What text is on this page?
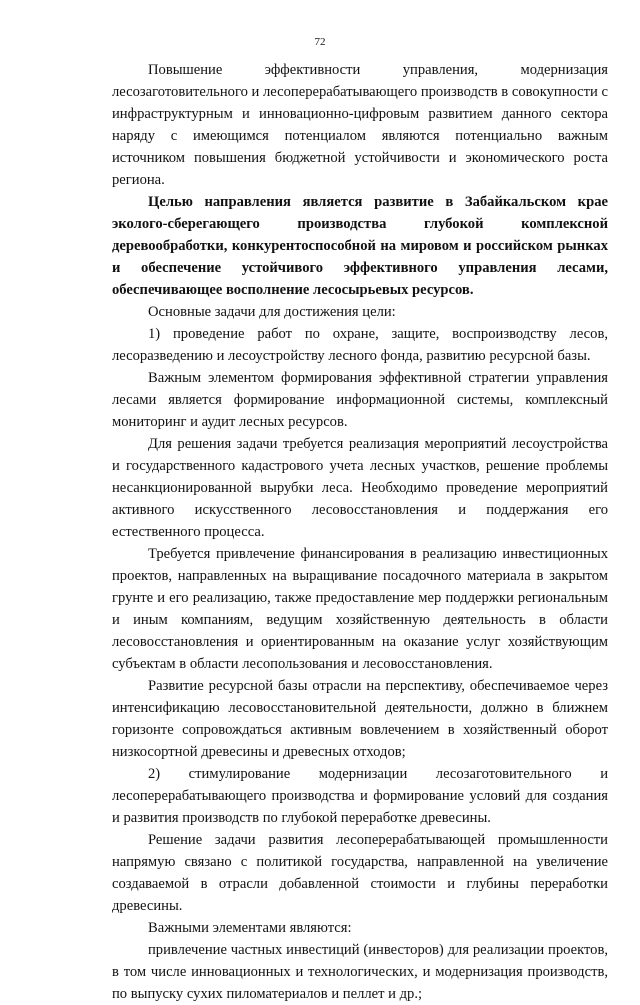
72

Повышение эффективности управления, модернизация лесозаготовительного и лесоперерабатывающего производств в совокупности с инфраструктурным и инновационно-цифровым развитием данного сектора наряду с имеющимся потенциалом являются потенциально важным источником повышения бюджетной устойчивости и экономического роста региона.

Целью направления является развитие в Забайкальском крае эколого-сберегающего производства глубокой комплексной деревообработки, конкурентоспособной на мировом и российском рынках и обеспечение устойчивого эффективного управления лесами, обеспечивающее восполнение лесосырьевых ресурсов.

Основные задачи для достижения цели:

1) проведение работ по охране, защите, воспроизводству лесов, лесоразведению и лесоустройству лесного фонда, развитию ресурсной базы.

Важным элементом формирования эффективной стратегии управления лесами является формирование информационной системы, комплексный мониторинг и аудит лесных ресурсов.

Для решения задачи требуется реализация мероприятий лесоустройства и государственного кадастрового учета лесных участков, решение проблемы несанкционированной вырубки леса. Необходимо проведение мероприятий активного искусственного лесовосстановления и поддержания его естественного процесса.

Требуется привлечение финансирования в реализацию инвестиционных проектов, направленных на выращивание посадочного материала в закрытом грунте и его реализацию, также предоставление мер поддержки региональным и иным компаниям, ведущим хозяйственную деятельность в области лесовосстановления и ориентированным на оказание услуг хозяйствующим субъектам в области лесопользования и лесовосстановления.

Развитие ресурсной базы отрасли на перспективу, обеспечиваемое через интенсификацию лесовосстановительной деятельности, должно в ближнем горизонте сопровождаться активным вовлечением в хозяйственный оборот низкосортной древесины и древесных отходов;

2) стимулирование модернизации лесозаготовительного и лесоперерабатывающего производства и формирование условий для создания и развития производств по глубокой переработке древесины.

Решение задачи развития лесоперерабатывающей промышленности напрямую связано с политикой государства, направленной на увеличение создаваемой в отрасли добавленной стоимости и глубины переработки древесины.

Важными элементами являются:

привлечение частных инвестиций (инвесторов) для реализации проектов, в том числе инновационных и технологических, и модернизация производств, по выпуску сухих пиломатериалов и пеллет и др.;
